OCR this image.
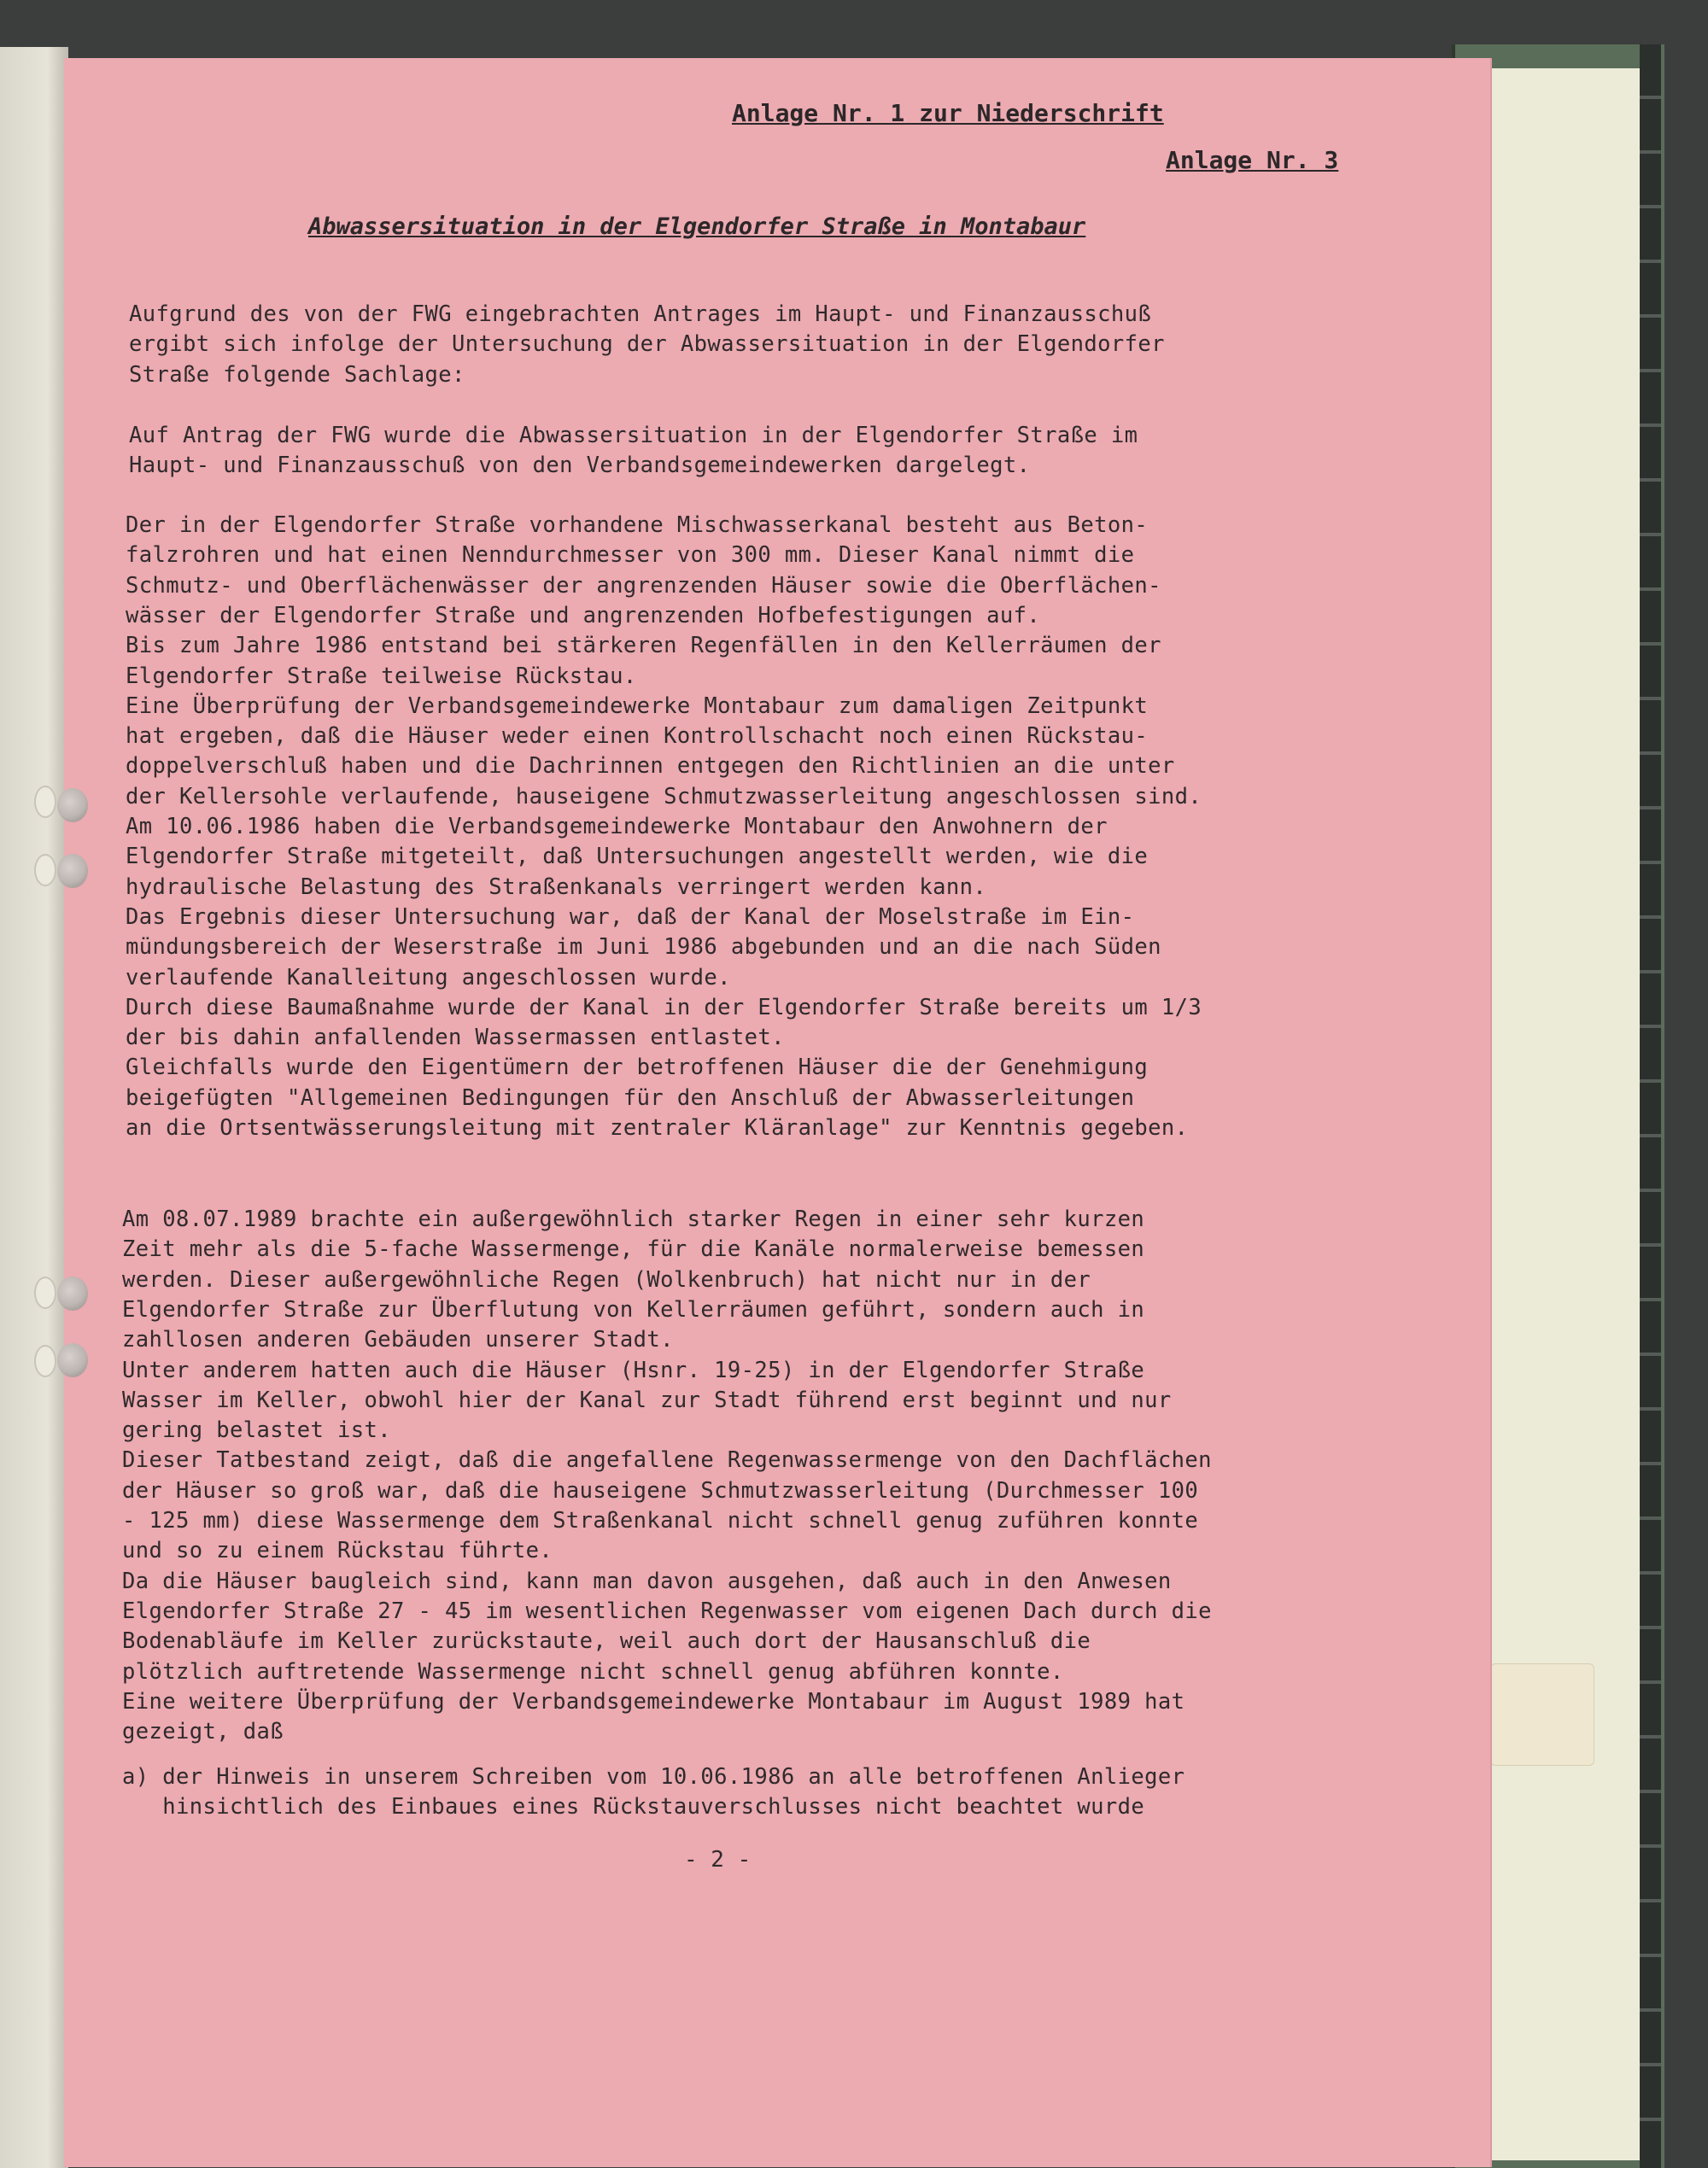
Anlage Nr. 1 zur Niederschrift
Anlage Nr. 3
Abwassersituation in der Elgendorfer Straße in Montabaur
Aufgrund des von der FWG eingebrachten Antrages im Haupt- und Finanzausschuß
ergibt sich infolge der Untersuchung der Abwassersituation in der Elgendorfer
Straße folgende Sachlage:
Auf Antrag der FWG wurde die Abwassersituation in der Elgendorfer Straße im
Haupt- und Finanzausschuß von den Verbandsgemeindewerken dargelegt.
Der in der Elgendorfer Straße vorhandene Mischwasserkanal besteht aus Beton-
falzrohren und hat einen Nenndurchmesser von 300 mm. Dieser Kanal nimmt die
Schmutz- und Oberflächenwässer der angrenzenden Häuser sowie die Oberflächen-
wässer der Elgendorfer Straße und angrenzenden Hofbefestigungen auf.
Bis zum Jahre 1986 entstand bei stärkeren Regenfällen in den Kellerräumen der
Elgendorfer Straße teilweise Rückstau.
Eine Überprüfung der Verbandsgemeindewerke Montabaur zum damaligen Zeitpunkt
hat ergeben, daß die Häuser weder einen Kontrollschacht noch einen Rückstau-
doppelverschluß haben und die Dachrinnen entgegen den Richtlinien an die unter
der Kellersohle verlaufende, hauseigene Schmutzwasserleitung angeschlossen sind.
Am 10.06.1986 haben die Verbandsgemeindewerke Montabaur den Anwohnern der
Elgendorfer Straße mitgeteilt, daß Untersuchungen angestellt werden, wie die
hydraulische Belastung des Straßenkanals verringert werden kann.
Das Ergebnis dieser Untersuchung war, daß der Kanal der Moselstraße im Ein-
mündungsbereich der Weserstraße im Juni 1986 abgebunden und an die nach Süden
verlaufende Kanalleitung angeschlossen wurde.
Durch diese Baumaßnahme wurde der Kanal in der Elgendorfer Straße bereits um 1/3
der bis dahin anfallenden Wassermassen entlastet.
Gleichfalls wurde den Eigentümern der betroffenen Häuser die der Genehmigung
beigefügten "Allgemeinen Bedingungen für den Anschluß der Abwasserleitungen
an die Ortsentwässerungsleitung mit zentraler Kläranlage" zur Kenntnis gegeben.
Am 08.07.1989 brachte ein außergewöhnlich starker Regen in einer sehr kurzen
Zeit mehr als die 5-fache Wassermenge, für die Kanäle normalerweise bemessen
werden. Dieser außergewöhnliche Regen (Wolkenbruch) hat nicht nur in der
Elgendorfer Straße zur Überflutung von Kellerräumen geführt, sondern auch in
zahllosen anderen Gebäuden unserer Stadt.
Unter anderem hatten auch die Häuser (Hsnr. 19-25) in der Elgendorfer Straße
Wasser im Keller, obwohl hier der Kanal zur Stadt führend erst beginnt und nur
gering belastet ist.
Dieser Tatbestand zeigt, daß die angefallene Regenwassermenge von den Dachflächen
der Häuser so groß war, daß die hauseigene Schmutzwasserleitung (Durchmesser 100
- 125 mm) diese Wassermenge dem Straßenkanal nicht schnell genug zuführen konnte
und so zu einem Rückstau führte.
Da die Häuser baugleich sind, kann man davon ausgehen, daß auch in den Anwesen
Elgendorfer Straße 27 - 45 im wesentlichen Regenwasser vom eigenen Dach durch die
Bodenabläufe im Keller zurückstaute, weil auch dort der Hausanschluß die
plötzlich auftretende Wassermenge nicht schnell genug abführen konnte.
Eine weitere Überprüfung der Verbandsgemeindewerke Montabaur im August 1989 hat
gezeigt, daß
a) der Hinweis in unserem Schreiben vom 10.06.1986 an alle betroffenen Anlieger
hinsichtlich des Einbaues eines Rückstauverschlusses nicht beachtet wurde
- 2 -
